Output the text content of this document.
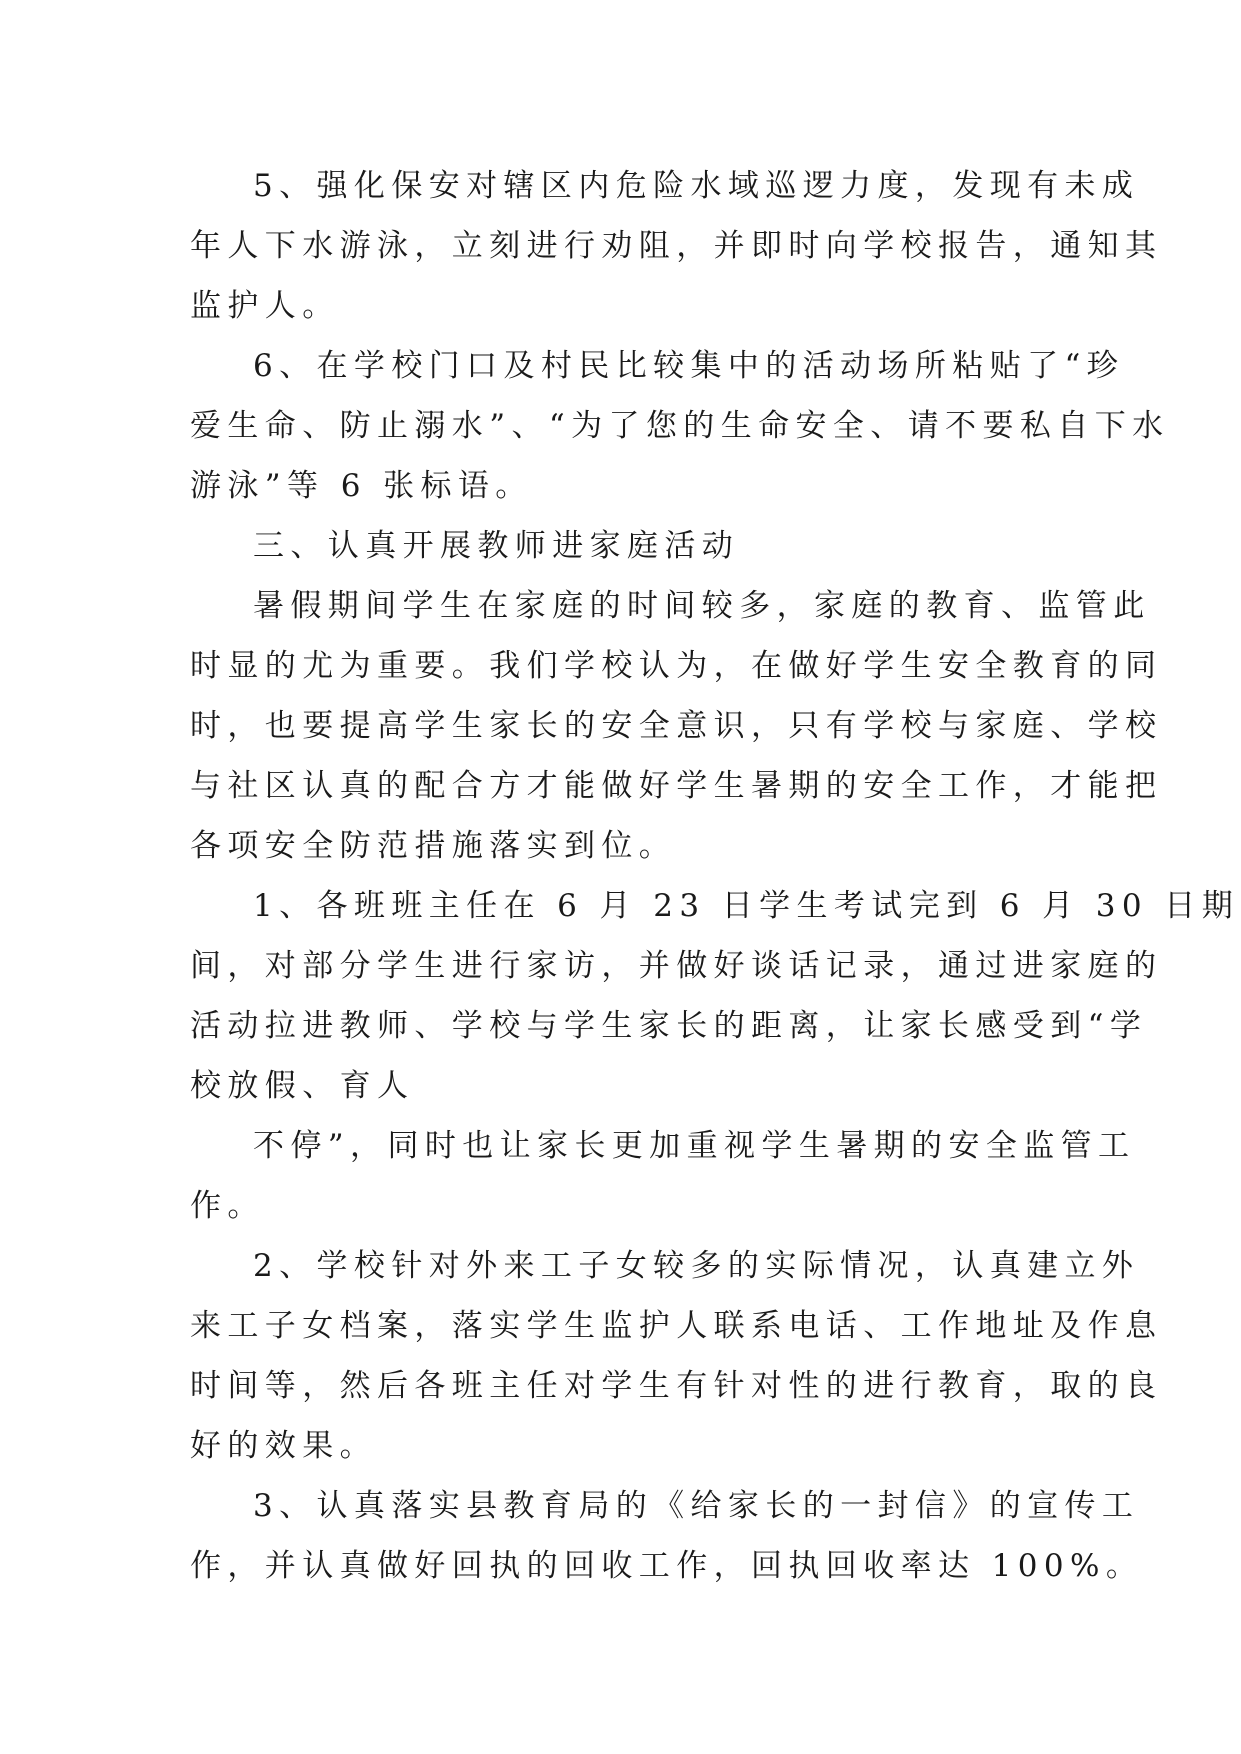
5、强化保安对辖区内危险水域巡逻力度，发现有未成
年人下水游泳，立刻进行劝阻，并即时向学校报告，通知其
监护人。
6、在学校门口及村民比较集中的活动场所粘贴了“珍
爱生命、防止溺水”、“为了您的生命安全、请不要私自下水
游泳”等 6 张标语。
三、认真开展教师进家庭活动
暑假期间学生在家庭的时间较多，家庭的教育、监管此
时显的尤为重要。我们学校认为，在做好学生安全教育的同
时，也要提高学生家长的安全意识，只有学校与家庭、学校
与社区认真的配合方才能做好学生暑期的安全工作，才能把
各项安全防范措施落实到位。
1、各班班主任在 6 月 23 日学生考试完到 6 月 30 日期
间，对部分学生进行家访，并做好谈话记录，通过进家庭的
活动拉进教师、学校与学生家长的距离，让家长感受到“学
校放假、育人
不停”，同时也让家长更加重视学生暑期的安全监管工
作。
2、学校针对外来工子女较多的实际情况，认真建立外
来工子女档案，落实学生监护人联系电话、工作地址及作息
时间等，然后各班主任对学生有针对性的进行教育，取的良
好的效果。
3、认真落实县教育局的《给家长的一封信》的宣传工
作，并认真做好回执的回收工作，回执回收率达 100%。
